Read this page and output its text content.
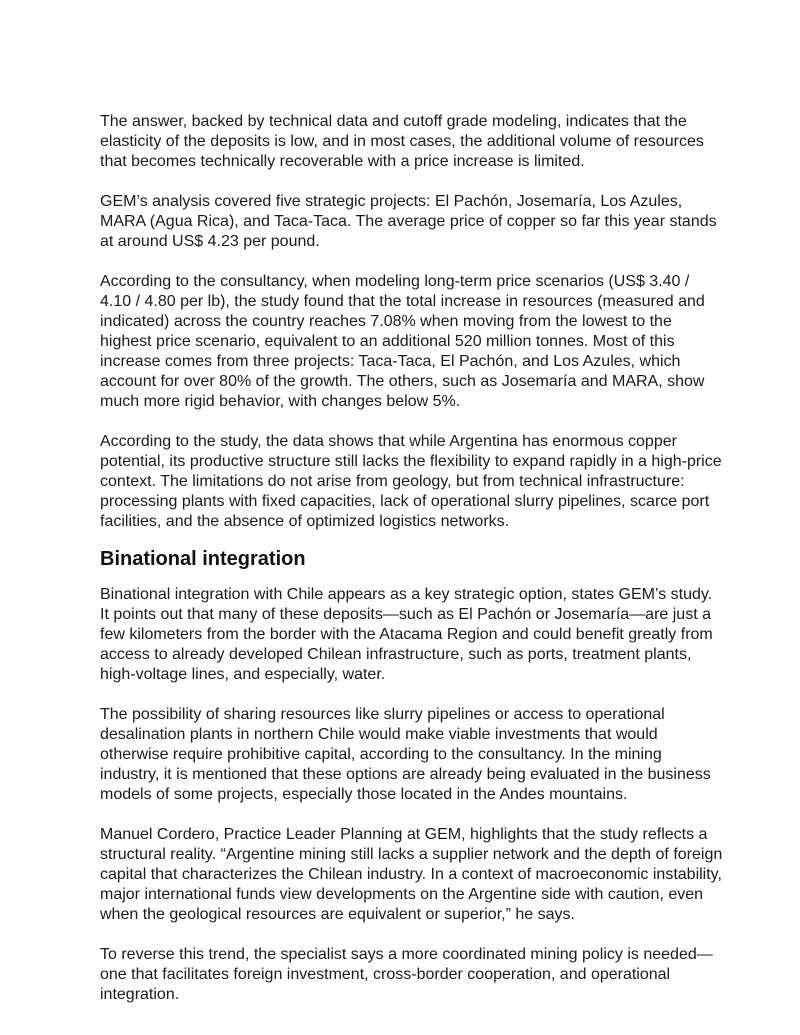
The answer, backed by technical data and cutoff grade modeling, indicates that the
elasticity of the deposits is low, and in most cases, the additional volume of resources
that becomes technically recoverable with a price increase is limited.

GEM’s analysis covered five strategic projects: El Pachón, Josemaría, Los Azules,
MARA (Agua Rica), and Taca-Taca. The average price of copper so far this year stands
at around US$ 4.23 per pound.

According to the consultancy, when modeling long-term price scenarios (US$ 3.40 /
4.10 / 4.80 per lb), the study found that the total increase in resources (measured and
indicated) across the country reaches 7.08% when moving from the lowest to the
highest price scenario, equivalent to an additional 520 million tonnes. Most of this
increase comes from three projects: Taca-Taca, El Pachón, and Los Azules, which
account for over 80% of the growth. The others, such as Josemaría and MARA, show
much more rigid behavior, with changes below 5%.

According to the study, the data shows that while Argentina has enormous copper
potential, its productive structure still lacks the flexibility to expand rapidly in a high-price
context. The limitations do not arise from geology, but from technical infrastructure:
processing plants with fixed capacities, lack of operational slurry pipelines, scarce port
facilities, and the absence of optimized logistics networks.

Binational integration

Binational integration with Chile appears as a key strategic option, states GEM’s study.
It points out that many of these deposits—such as El Pachón or Josemaría—are just a
few kilometers from the border with the Atacama Region and could benefit greatly from
access to already developed Chilean infrastructure, such as ports, treatment plants,
high-voltage lines, and especially, water.

The possibility of sharing resources like slurry pipelines or access to operational
desalination plants in northern Chile would make viable investments that would
otherwise require prohibitive capital, according to the consultancy. In the mining
industry, it is mentioned that these options are already being evaluated in the business
models of some projects, especially those located in the Andes mountains.

Manuel Cordero, Practice Leader Planning at GEM, highlights that the study reflects a
structural reality. “Argentine mining still lacks a supplier network and the depth of foreign
capital that characterizes the Chilean industry. In a context of macroeconomic instability,
major international funds view developments on the Argentine side with caution, even
when the geological resources are equivalent or superior,” he says.

To reverse this trend, the specialist says a more coordinated mining policy is needed—
one that facilitates foreign investment, cross-border cooperation, and operational
integration.
